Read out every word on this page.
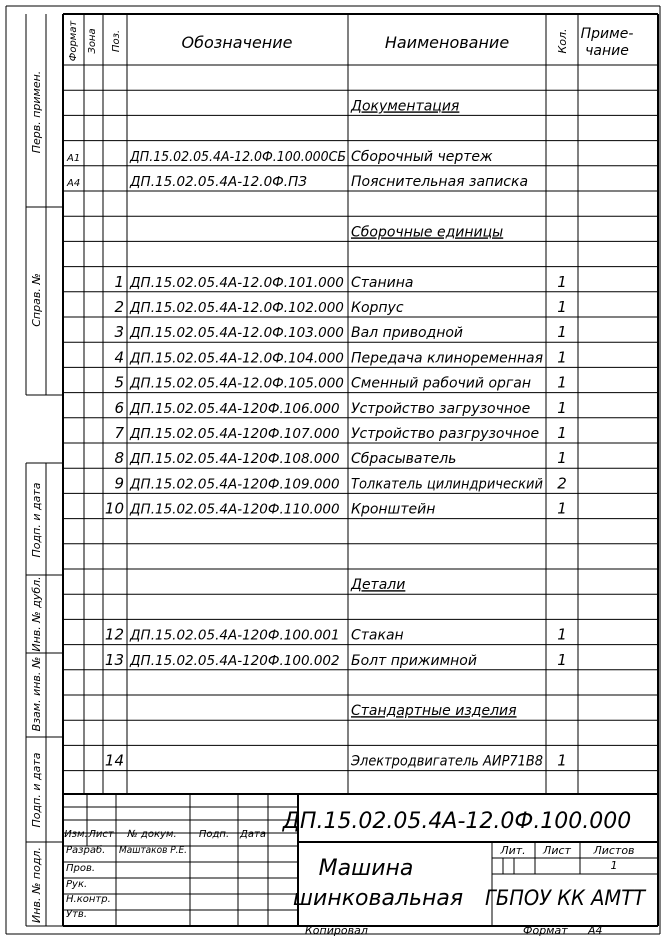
Перв. примен.
Справ. №
Подп. и дата
Инв. № дубл.
Взам. инв. №
Подп. и дата
Инв. № подл.
Формат Зона Поз.	Обозначение	Наименование	Кол. Приме-
чание
Документация
А1	ДП.15.02.05.4А-12.0Ф.100.000СБ Сборочный чертеж
А4	ДП.15.02.05.4А-12.0Ф.ПЗ	Пояснительная записка
Сборочные единицы
1 ДП.15.02.05.4А-12.0Ф.101.000 Станина	1
2 ДП.15.02.05.4А-12.0Ф.102.000 Корпус	1
3 ДП.15.02.05.4А-12.0Ф.103.000 Вал приводной	1
4 ДП.15.02.05.4А-12.0Ф.104.000 Передача клиноременная 1
5 ДП.15.02.05.4А-12.0Ф.105.000 Сменный рабочий орган 1
6 ДП.15.02.05.4А-120Ф.106.000 Устройство загрузочное 1
7 ДП.15.02.05.4А-120Ф.107.000 Устройство разгрузочное 1
8 ДП.15.02.05.4А-120Ф.108.000 Сбрасыватель	1
9 ДП.15.02.05.4А-120Ф.109.000 Толкатель цилиндрический 2
10 ДП.15.02.05.4А-120Ф.110.000 Кронштейн	1
Детали
12 ДП.15.02.05.4А-120Ф.100.001 Стакан	1
13 ДП.15.02.05.4А-120Ф.100.002 Болт прижимной	1
Стандартные изделия
14	Электродвигатель АИР71В8 1
ДП.15.02.05.4А-12.0Ф.100.000
Изм. Лист № докум. Подп. Дата
Разраб. Маштаков Р.Е.
Пров.
Рук.
Н.контр.
Утв.
Машина
шинковальная
Лит. Лист Листов
1
ГБПОУ КК АМТТ
Копировал	Формат А4
